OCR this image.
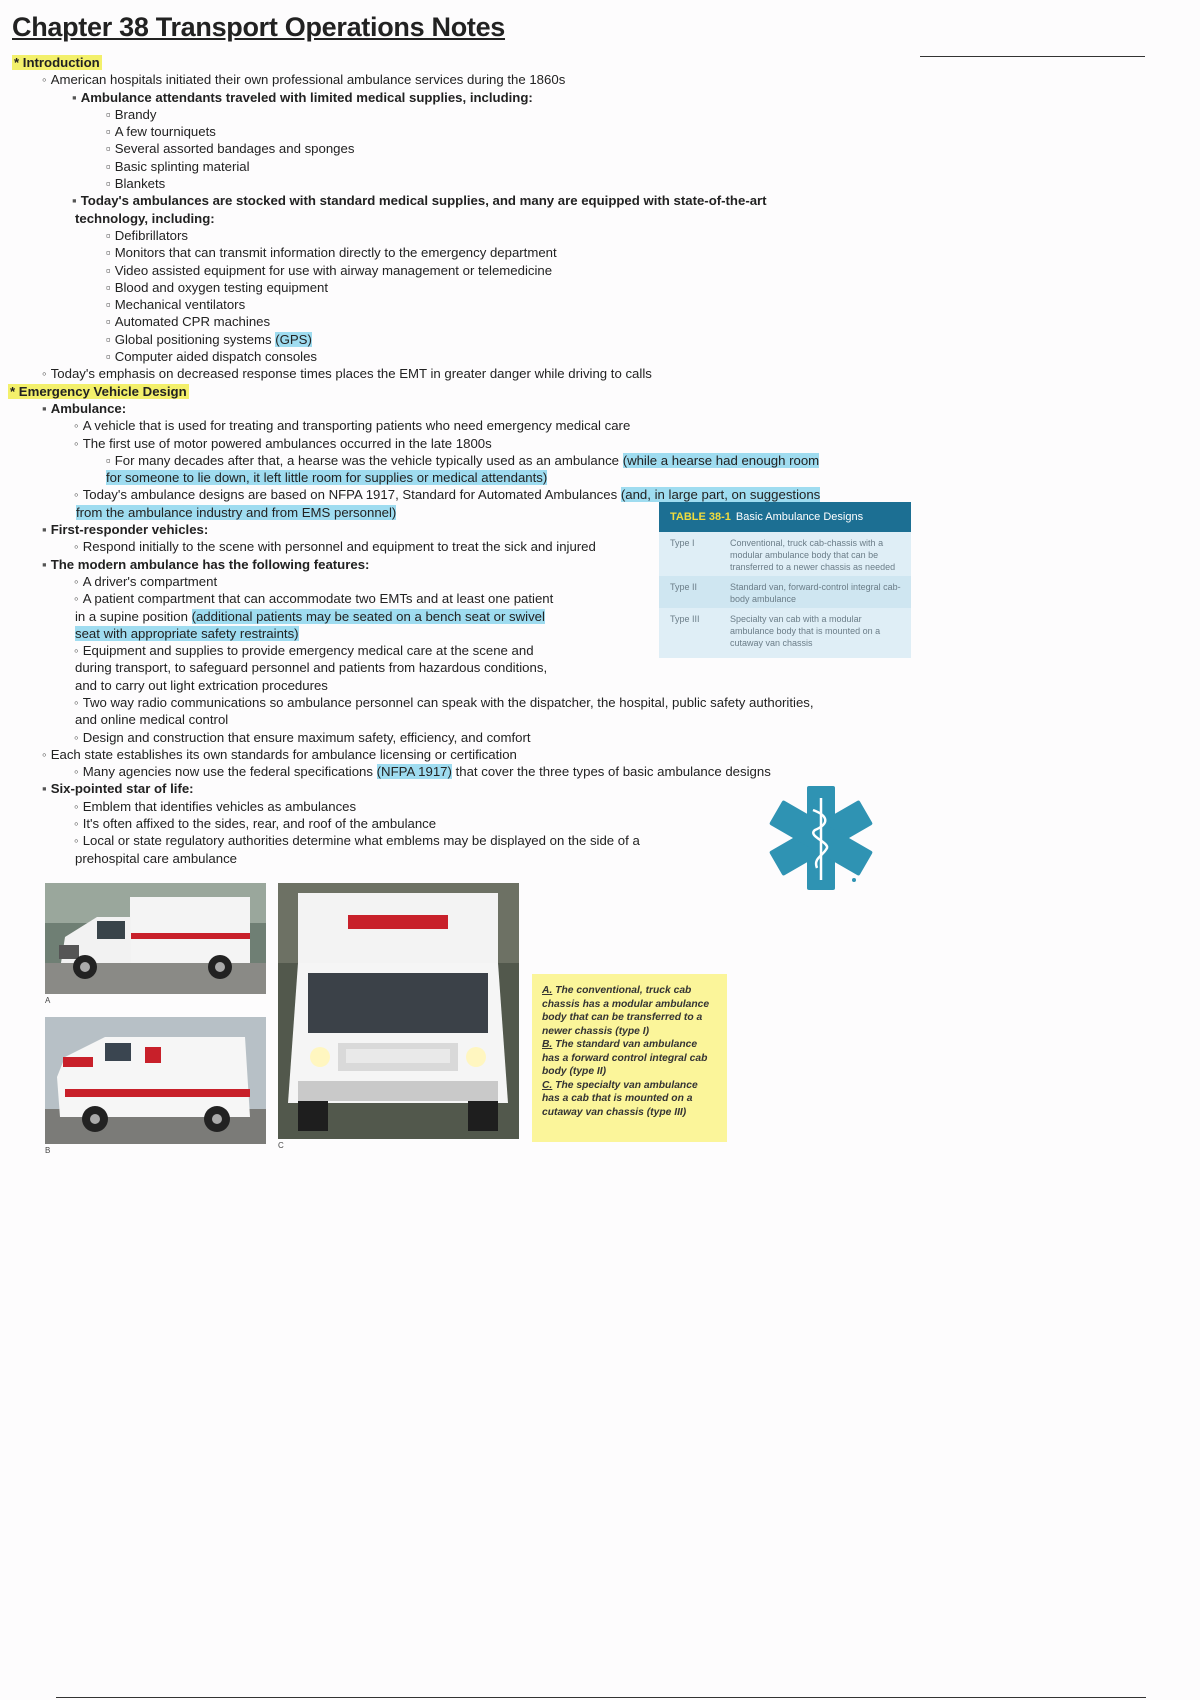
Chapter 38 Transport Operations Notes
* Introduction
◦ American hospitals initiated their own professional ambulance services during the 1860s
▪ Ambulance attendants traveled with limited medical supplies, including:
▫ Brandy
▫ A few tourniquets
▫ Several assorted bandages and sponges
▫ Basic splinting material
▫ Blankets
▪ Today's ambulances are stocked with standard medical supplies, and many are equipped with state-of-the-art
technology, including:
▫ Defibrillators
▫ Monitors that can transmit information directly to the emergency department
▫ Video assisted equipment for use with airway management or telemedicine
▫ Blood and oxygen testing equipment
▫ Mechanical ventilators
▫ Automated CPR machines
▫ Global positioning systems (GPS)
▫ Computer aided dispatch consoles
◦ Today's emphasis on decreased response times places the EMT in greater danger while driving to calls
* Emergency Vehicle Design
▪ Ambulance:
◦ A vehicle that is used for treating and transporting patients who need emergency medical care
◦ The first use of motor powered ambulances occurred in the late 1800s
▫ For many decades after that, a hearse was the vehicle typically used as an ambulance (while a hearse had enough room
for someone to lie down, it left little room for supplies or medical attendants)
◦ Today's ambulance designs are based on NFPA 1917, Standard for Automated Ambulances (and, in large part, on suggestions
from the ambulance industry and from EMS personnel)
▪ First-responder vehicles:
◦ Respond initially to the scene with personnel and equipment to treat the sick and injured
▪ The modern ambulance has the following features:
◦ A driver's compartment
◦ A patient compartment that can accommodate two EMTs and at least one patient
in a supine position (additional patients may be seated on a bench seat or swivel
seat with appropriate safety restraints)
◦ Equipment and supplies to provide emergency medical care at the scene and
during transport, to safeguard personnel and patients from hazardous conditions,
and to carry out light extrication procedures
◦ Two way radio communications so ambulance personnel can speak with the dispatcher, the hospital, public safety authorities,
and online medical control
◦ Design and construction that ensure maximum safety, efficiency, and comfort
◦ Each state establishes its own standards for ambulance licensing or certification
◦ Many agencies now use the federal specifications (NFPA 1917) that cover the three types of basic ambulance designs
▪ Six-pointed star of life:
◦ Emblem that identifies vehicles as ambulances
◦ It's often affixed to the sides, rear, and roof of the ambulance
◦ Local or state regulatory authorities determine what emblems may be displayed on the side of a
prehospital care ambulance
TABLE 38-1 Basic Ambulance Designs
Type I	Conventional, truck cab-chassis with a modular ambulance body that can be transferred to a newer chassis as needed
Type II	Standard van, forward-control integral cab-body ambulance
Type III	Specialty van cab with a modular ambulance body that is mounted on a cutaway van chassis
A
B
C
A. The conventional, truck cab chassis has a modular ambulance body that can be transferred to a newer chassis (type I)
B. The standard van ambulance has a forward control integral cab body (type II)
C. The specialty van ambulance has a cab that is mounted on a cutaway van chassis (type III)
